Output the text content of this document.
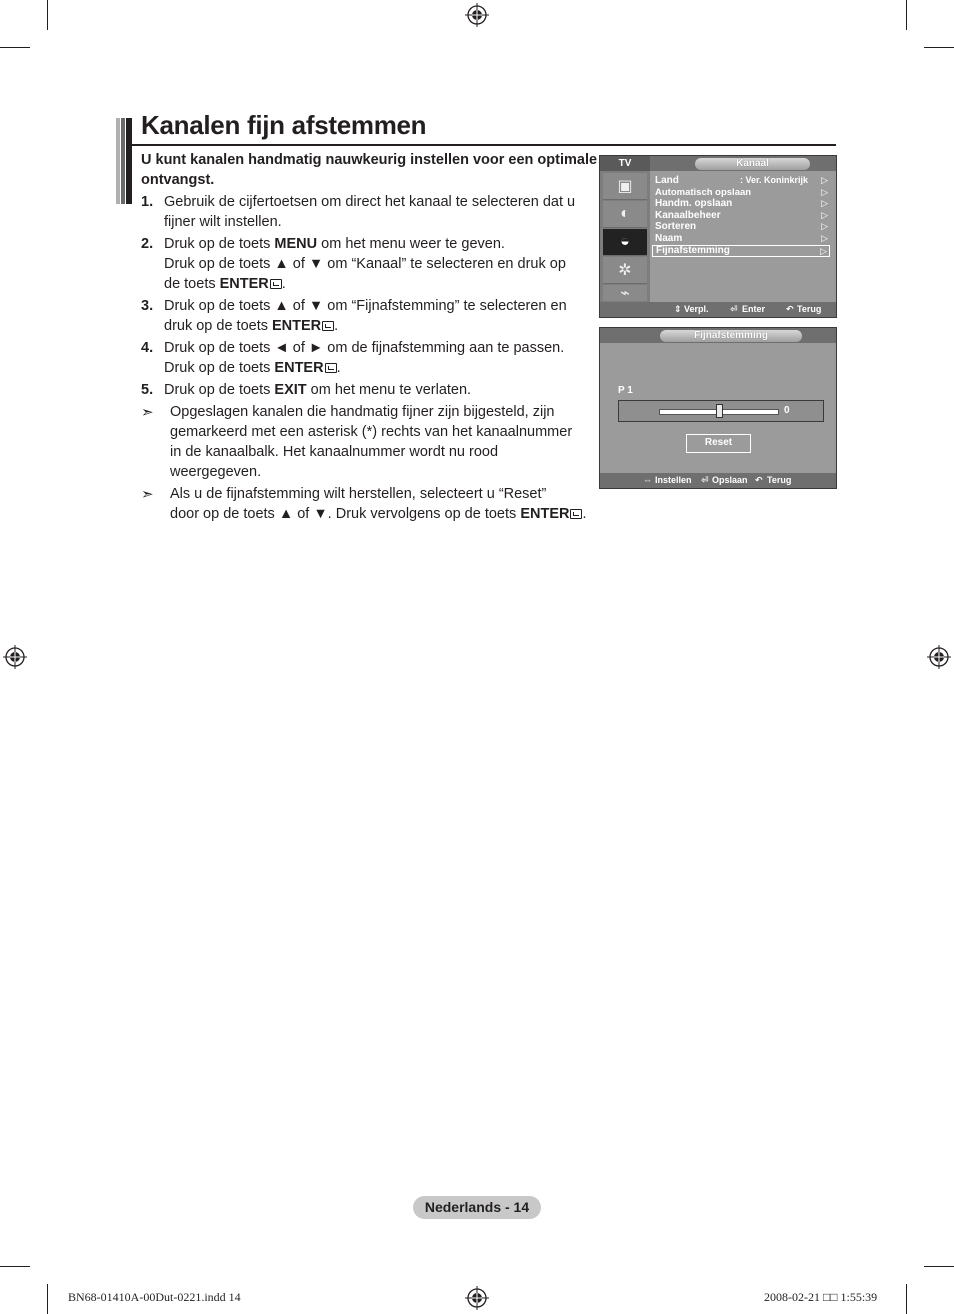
Kanalen fijn afstemmen

U kunt kanalen handmatig nauwkeurig instellen voor een optimale ontvangst.

1. Gebruik de cijfertoetsen om direct het kanaal te selecteren dat u
fijner wilt instellen.

2. Druk op de toets MENU om het menu weer te geven.
Druk op de toets ▲ of ▼ om “Kanaal” te selecteren en druk op
de toets ENTER .

3. Druk op de toets ▲ of ▼ om “Fijnafstemming” te selecteren en
druk op de toets ENTER .

4. Druk op de toets ◄ of ► om de fijnafstemming aan te passen.
Druk op de toets ENTER .

5. Druk op de toets EXIT om het menu te verlaten.

➣ Opgeslagen kanalen die handmatig fijner zijn bijgesteld, zijn
gemarkeerd met een asterisk (*) rechts van het kanaalnummer
in de kanaalbalk. Het kanaalnummer wordt nu rood
weergegeven.

➣ Als u de fijnafstemming wilt herstellen, selecteert u “Reset”
door op de toets ▲ of ▼. Druk vervolgens op de toets ENTER .

TV	Kanaal
▣
◐
◒
✲
⌁
Land	: Ver. Koninkrijk ▷
Automatisch opslaan	▷
Handm. opslaan	▷
Kanaalbeheer	▷
Sorteren	▷
Naam	▷
Fijnafstemming	▷
⇕ Verpl. ⏎ Enter ↶ Terug
Fijnafstemming
P 1
0
Reset
⇔ Instellen ⏎ Opslaan ↶ Terug
Nederlands - 14
BN68-01410A-00Dut-0221.indd 14	2008-02-21 □□ 1:55:39
